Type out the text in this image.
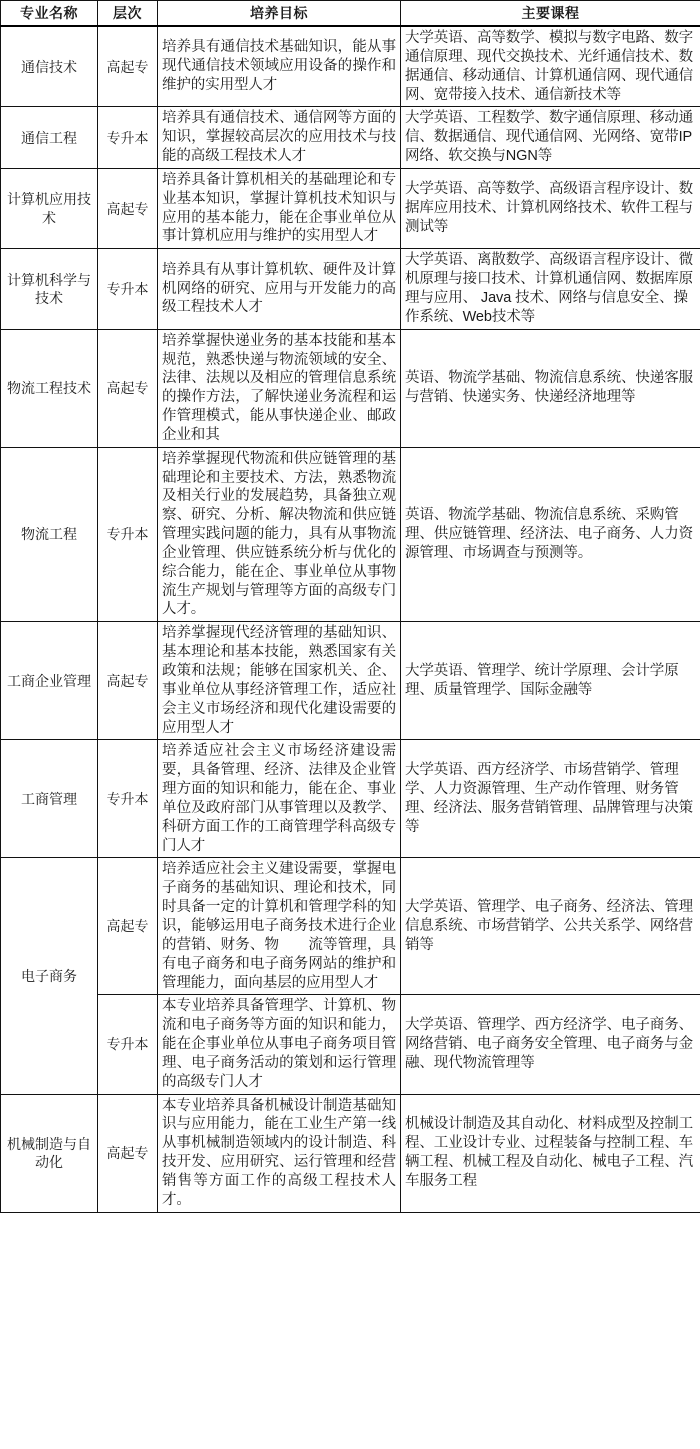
专业名称	层次	培养目标	主要课程
通信技术	高起专	培养具有通信技术基础知识，能从事现代通信技术领域应用设备的操作和维护的实用型人才	大学英语、高等数学、模拟与数字电路、数字通信原理、现代交换技术、光纤通信技术、数据通信、移动通信、计算机通信网、现代通信网、宽带接入技术、通信新技术等
通信工程	专升本	培养具有通信技术、通信网等方面的知识，掌握较高层次的应用技术与技能的高级工程技术人才	大学英语、工程数学、数字通信原理、移动通信、数据通信、现代通信网、光网络、宽带IP网络、软交换与NGN等
计算机应用技术	高起专	培养具备计算机相关的基础理论和专业基本知识，掌握计算机技术知识与应用的基本能力，能在企事业单位从事计算机应用与维护的实用型人才	大学英语、高等数学、高级语言程序设计、数据库应用技术、计算机网络技术、软件工程与测试等
计算机科学与技术	专升本	培养具有从事计算机软、硬件及计算机网络的研究、应用与开发能力的高级工程技术人才	大学英语、离散数学、高级语言程序设计、微机原理与接口技术、计算机通信网、数据库原理与应用、 Java 技术、网络与信息安全、操作系统、Web技术等
物流工程技术	高起专	培养掌握快递业务的基本技能和基本规范，熟悉快递与物流领域的安全、法律、法规以及相应的管理信息系统的操作方法，了解快递业务流程和运作管理模式，能从事快递企业、邮政企业和其	英语、物流学基础、物流信息系统、快递客服与营销、快递实务、快递经济地理等
物流工程	专升本	培养掌握现代物流和供应链管理的基础理论和主要技术、方法，熟悉物流及相关行业的发展趋势，具备独立观察、研究、分析、解决物流和供应链管理实践问题的能力，具有从事物流企业管理、供应链系统分析与优化的综合能力，能在企、事业单位从事物流生产规划与管理等方面的高级专门人才。	英语、物流学基础、物流信息系统、采购管理、供应链管理、经济法、电子商务、人力资源管理、市场调查与预测等。
工商企业管理	高起专	培养掌握现代经济管理的基础知识、基本理论和基本技能，熟悉国家有关政策和法规；能够在国家机关、企、事业单位从事经济管理工作，适应社会主义市场经济和现代化建设需要的应用型人才	大学英语、管理学、统计学原理、会计学原理、质量管理学、国际金融等
工商管理	专升本	培养适应社会主义市场经济建设需要，具备管理、经济、法律及企业管理方面的知识和能力，能在企、事业单位及政府部门从事管理以及教学、科研方面工作的工商管理学科高级专门人才	大学英语、西方经济学、市场营销学、管理学、人力资源管理、生产动作管理、财务管理、经济法、服务营销管理、品牌管理与决策等
电子商务	高起专	培养适应社会主义建设需要，掌握电子商务的基础知识、理论和技术，同时具备一定的计算机和管理学科的知识，能够运用电子商务技术进行企业的营销、财务、物　　流等管理，具有电子商务和电子商务网站的维护和管理能力，面向基层的应用型人才	大学英语、管理学、电子商务、经济法、管理信息系统、市场营销学、公共关系学、网络营销等
	专升本	本专业培养具备管理学、计算机、物流和电子商务等方面的知识和能力，能在企事业单位从事电子商务项目管理、电子商务活动的策划和运行管理的高级专门人才	大学英语、管理学、西方经济学、电子商务、网络营销、电子商务安全管理、电子商务与金融、现代物流管理等
机械制造与自动化	高起专	本专业培养具备机械设计制造基础知识与应用能力，能在工业生产第一线从事机械制造领域内的设计制造、科技开发、应用研究、运行管理和经营销售等方面工作的高级工程技术人才。	机械设计制造及其自动化、材料成型及控制工程、工业设计专业、过程装备与控制工程、车辆工程、机械工程及自动化、械电子工程、汽车服务工程
